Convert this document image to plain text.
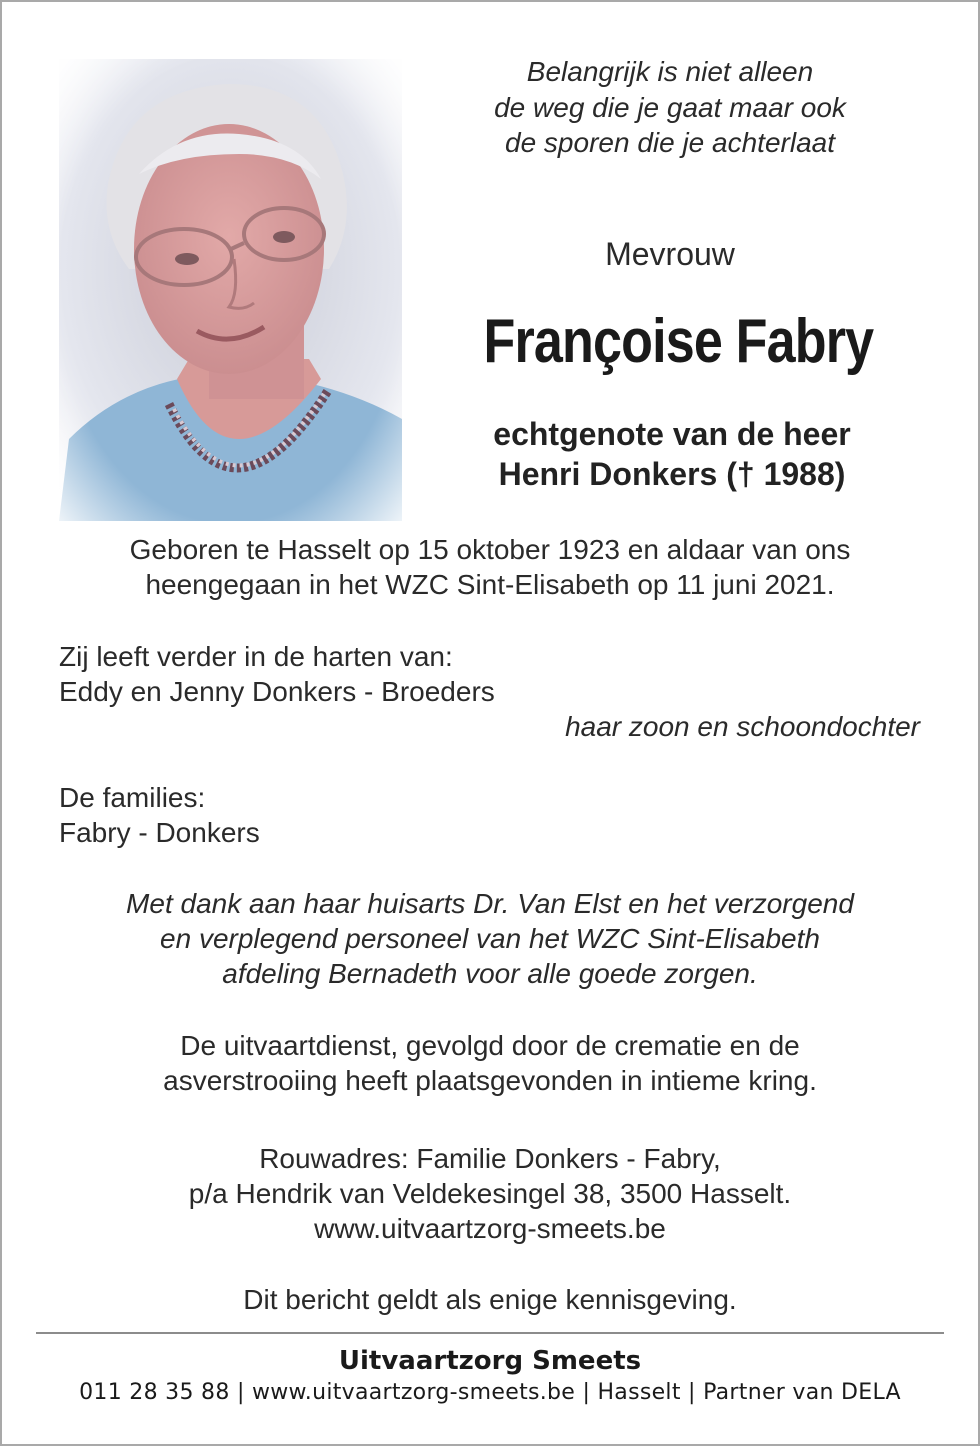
Belangrijk is niet alleen
de weg die je gaat maar ook
de sporen die je achterlaat
Mevrouw
Françoise Fabry
echtgenote van de heer
Henri Donkers († 1988)
Geboren te Hasselt op 15 oktober 1923 en aldaar van ons
heengegaan in het WZC Sint-Elisabeth op 11 juni 2021.
Zij leeft verder in de harten van:
Eddy en Jenny Donkers - Broeders
haar zoon en schoondochter
De families:
Fabry - Donkers
Met dank aan haar huisarts Dr. Van Elst en het verzorgend
en verplegend personeel van het WZC Sint-Elisabeth
afdeling Bernadeth voor alle goede zorgen.
De uitvaartdienst, gevolgd door de crematie en de
asverstrooiing heeft plaatsgevonden in intieme kring.
Rouwadres: Familie Donkers - Fabry,
p/a Hendrik van Veldekesingel 38, 3500 Hasselt.
www.uitvaartzorg-smeets.be
Dit bericht geldt als enige kennisgeving.
Uitvaartzorg Smeets
011 28 35 88 | www.uitvaartzorg-smeets.be | Hasselt | Partner van DELA
